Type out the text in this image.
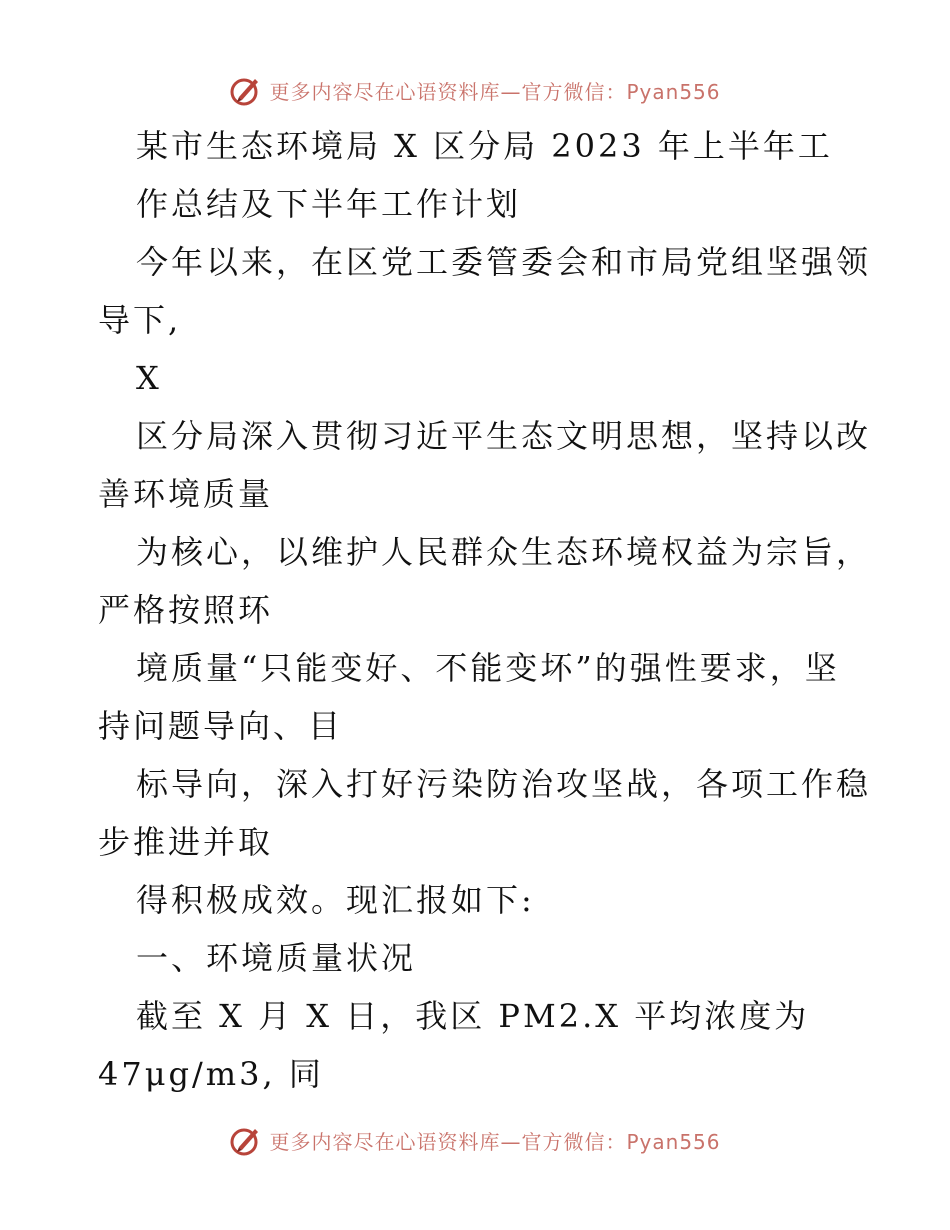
更多内容尽在心语资料库—官方微信：Pyan556
某市生态环境局 X 区分局 2023 年上半年工
作总结及下半年工作计划
今年以来，在区党工委管委会和市局党组坚强领
导下,
X
区分局深入贯彻习近平生态文明思想，坚持以改
善环境质量
为核心，以维护人民群众生态环境权益为宗旨，
严格按照环
境质量“只能变好、不能变坏”的强性要求，坚
持问题导向、目
标导向，深入打好污染防治攻坚战，各项工作稳
步推进并取
得积极成效。现汇报如下:
一、环境质量状况
截至 X 月 X 日，我区 PM2.X 平均浓度为
47μg/m3, 同
更多内容尽在心语资料库—官方微信：Pyan556
